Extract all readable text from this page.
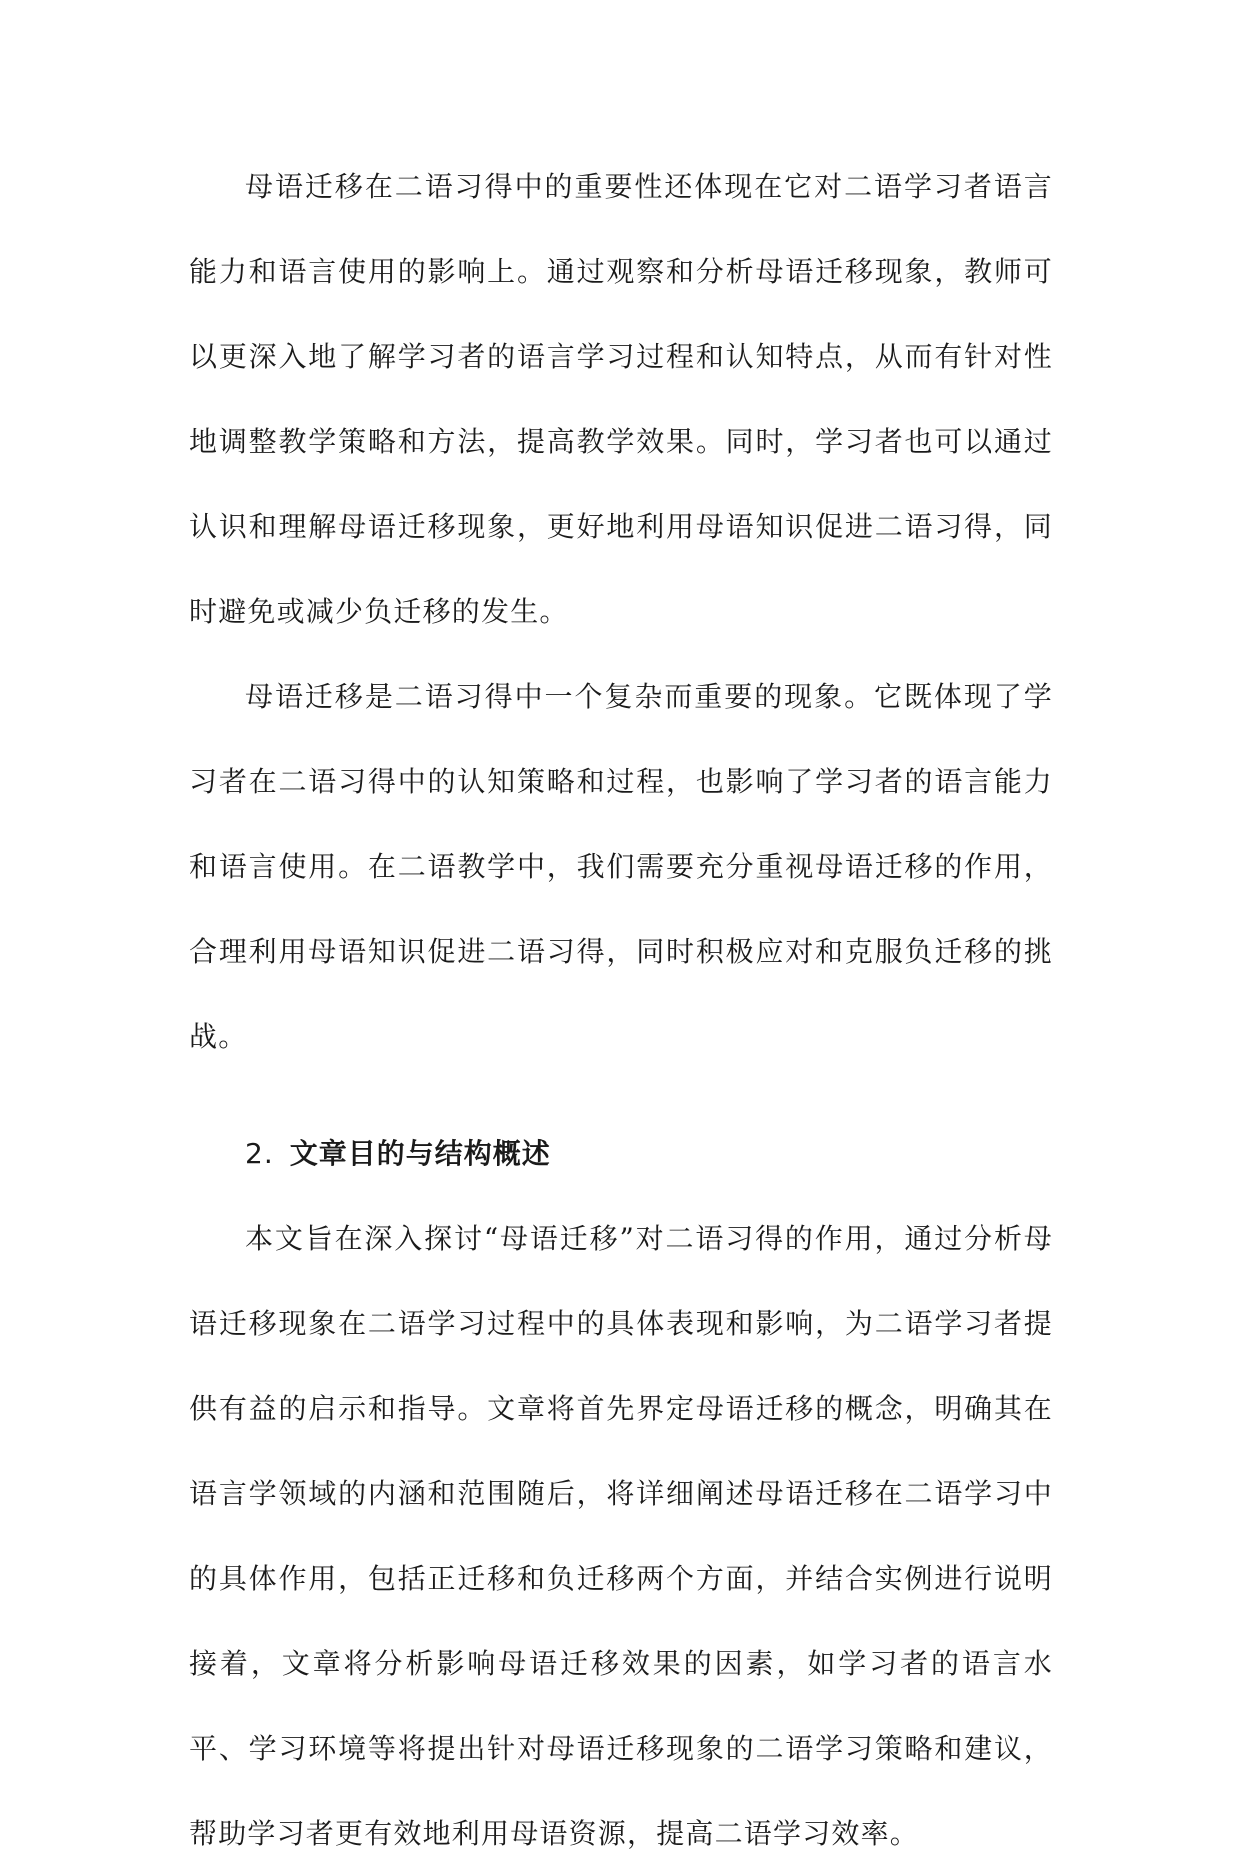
母语迁移在二语习得中的重要性还体现在它对二语学习者语言能力和语言使用的影响上。通过观察和分析母语迁移现象，教师可以更深入地了解学习者的语言学习过程和认知特点，从而有针对性地调整教学策略和方法，提高教学效果。同时，学习者也可以通过认识和理解母语迁移现象，更好地利用母语知识促进二语习得，同时避免或减少负迁移的发生。

母语迁移是二语习得中一个复杂而重要的现象。它既体现了学习者在二语习得中的认知策略和过程，也影响了学习者的语言能力和语言使用。在二语教学中，我们需要充分重视母语迁移的作用，合理利用母语知识促进二语习得，同时积极应对和克服负迁移的挑战。

2. 文章目的与结构概述

本文旨在深入探讨“母语迁移”对二语习得的作用，通过分析母语迁移现象在二语学习过程中的具体表现和影响，为二语学习者提供有益的启示和指导。文章将首先界定母语迁移的概念，明确其在语言学领域的内涵和范围随后，将详细阐述母语迁移在二语学习中的具体作用，包括正迁移和负迁移两个方面，并结合实例进行说明接着，文章将分析影响母语迁移效果的因素，如学习者的语言水平、学习环境等将提出针对母语迁移现象的二语学习策略和建议，帮助学习者更有效地利用母语资源，提高二语学习效率。
